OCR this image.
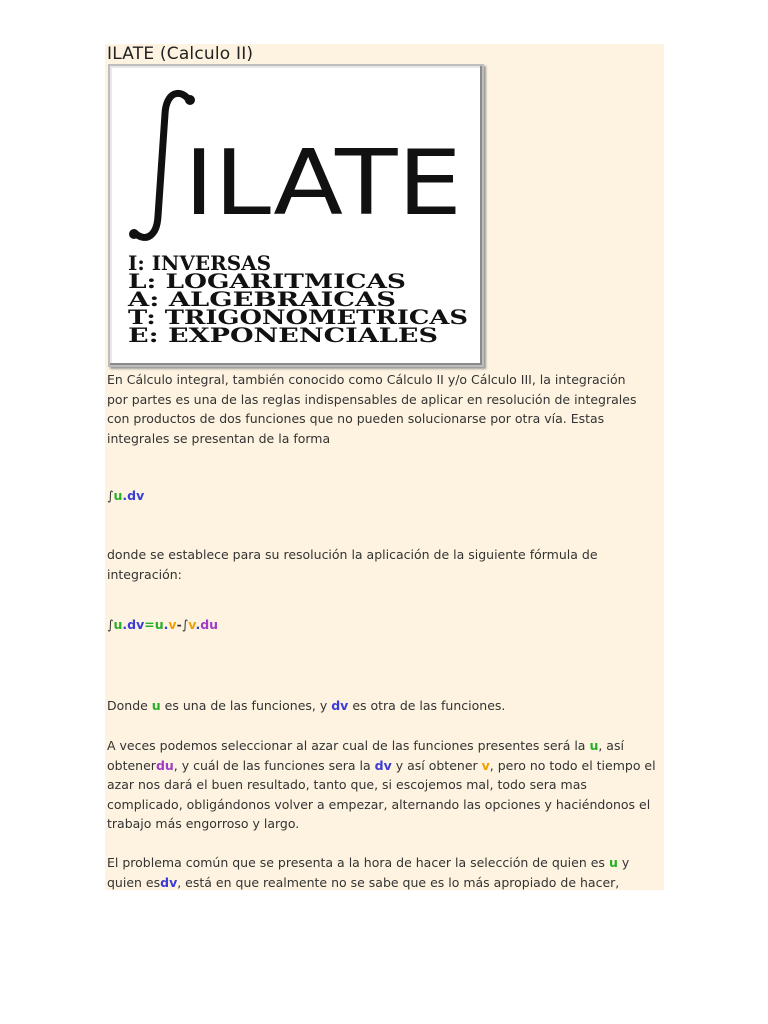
ILATE (Calculo II)
ILATE
I: INVERSAS
L: LOGARITMICAS
A: ALGEBRAICAS
T: TRIGONOMETRICAS
E: EXPONENCIALES
En Cálculo integral, también conocido como Cálculo II y/o Cálculo III, la integración
por partes es una de las reglas indispensables de aplicar en resolución de integrales
con productos de dos funciones que no pueden solucionarse por otra vía. Estas
integrales se presentan de la forma
∫u.dv
donde se establece para su resolución la aplicación de la siguiente fórmula de
integración:
∫u.dv=u.v-∫v.du
Donde u es una de las funciones, y dv es otra de las funciones.
A veces podemos seleccionar al azar cual de las funciones presentes será la u, así
obtenerdu, y cuál de las funciones sera la dv y así obtener v, pero no todo el tiempo el
azar nos dará el buen resultado, tanto que, si escojemos mal, todo sera mas
complicado, obligándonos volver a empezar, alternando las opciones y haciéndonos el
trabajo más engorroso y largo.
El problema común que se presenta a la hora de hacer la selección de quien es u y
quien esdv, está en que realmente no se sabe que es lo más apropiado de hacer,
